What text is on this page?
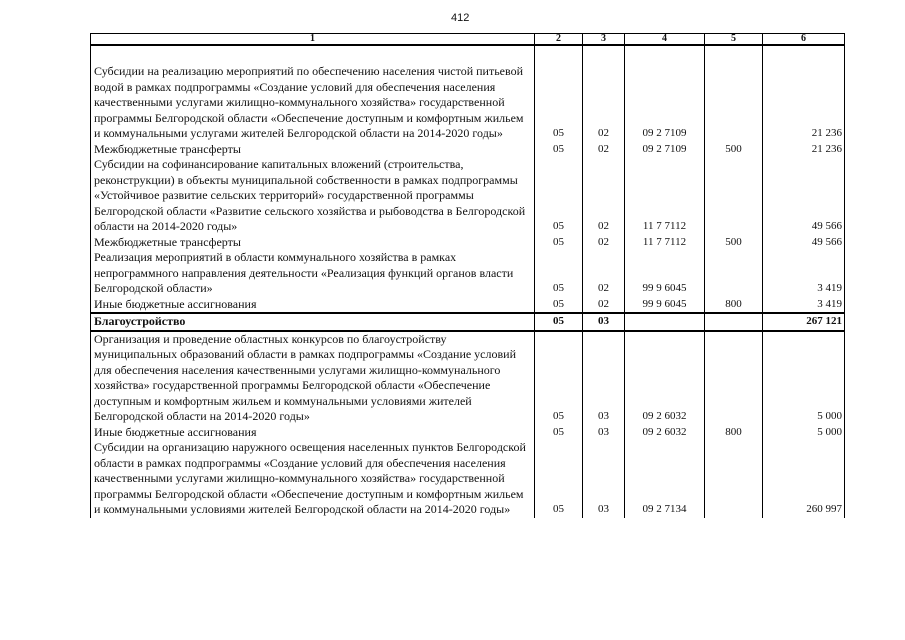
412
1	2	3	4	5	6

Субсидии на реализацию мероприятий по обеспечению населения чистой питьевой водой в рамках подпрограммы «Создание условий для обеспечения населения качественными услугами жилищно-коммунального хозяйства» государственной программы Белгородской области «Обеспечение доступным и комфортным жильем и коммунальными услугами жителей Белгородской области на 2014-2020 годы»	05	02	09 2 7109		21 236
Межбюджетные трансферты	05	02	09 2 7109	500	21 236
Субсидии на софинансирование капитальных вложений (строительства, реконструкции) в объекты муниципальной собственности в рамках подпрограммы «Устойчивое развитие сельских территорий» государственной программы Белгородской области «Развитие сельского хозяйства и рыбоводства в Белгородской области на 2014-2020 годы»	05	02	11 7 7112		49 566
Межбюджетные трансферты	05	02	11 7 7112	500	49 566
Реализация мероприятий в области коммунального хозяйства в рамках непрограммного направления деятельности «Реализация функций органов власти Белгородской области»	05	02	99 9 6045		3 419
Иные бюджетные ассигнования	05	02	99 9 6045	800	3 419
Благоустройство	05	03			267 121
Организация и проведение областных конкурсов по благоустройству муниципальных образований области в рамках подпрограммы «Создание условий для обеспечения населения качественными услугами жилищно-коммунального хозяйства» государственной программы Белгородской области «Обеспечение доступным и комфортным жильем и коммунальными условиями жителей Белгородской области на 2014-2020 годы»	05	03	09 2 6032		5 000
Иные бюджетные ассигнования	05	03	09 2 6032	800	5 000
Субсидии на организацию наружного освещения населенных пунктов Белгородской области в рамках подпрограммы «Создание условий для обеспечения населения качественными услугами жилищно-коммунального хозяйства» государственной программы Белгородской области «Обеспечение доступным и комфортным жильем и коммунальными условиями жителей Белгородской области на 2014-2020 годы»	05	03	09 2 7134		260 997
